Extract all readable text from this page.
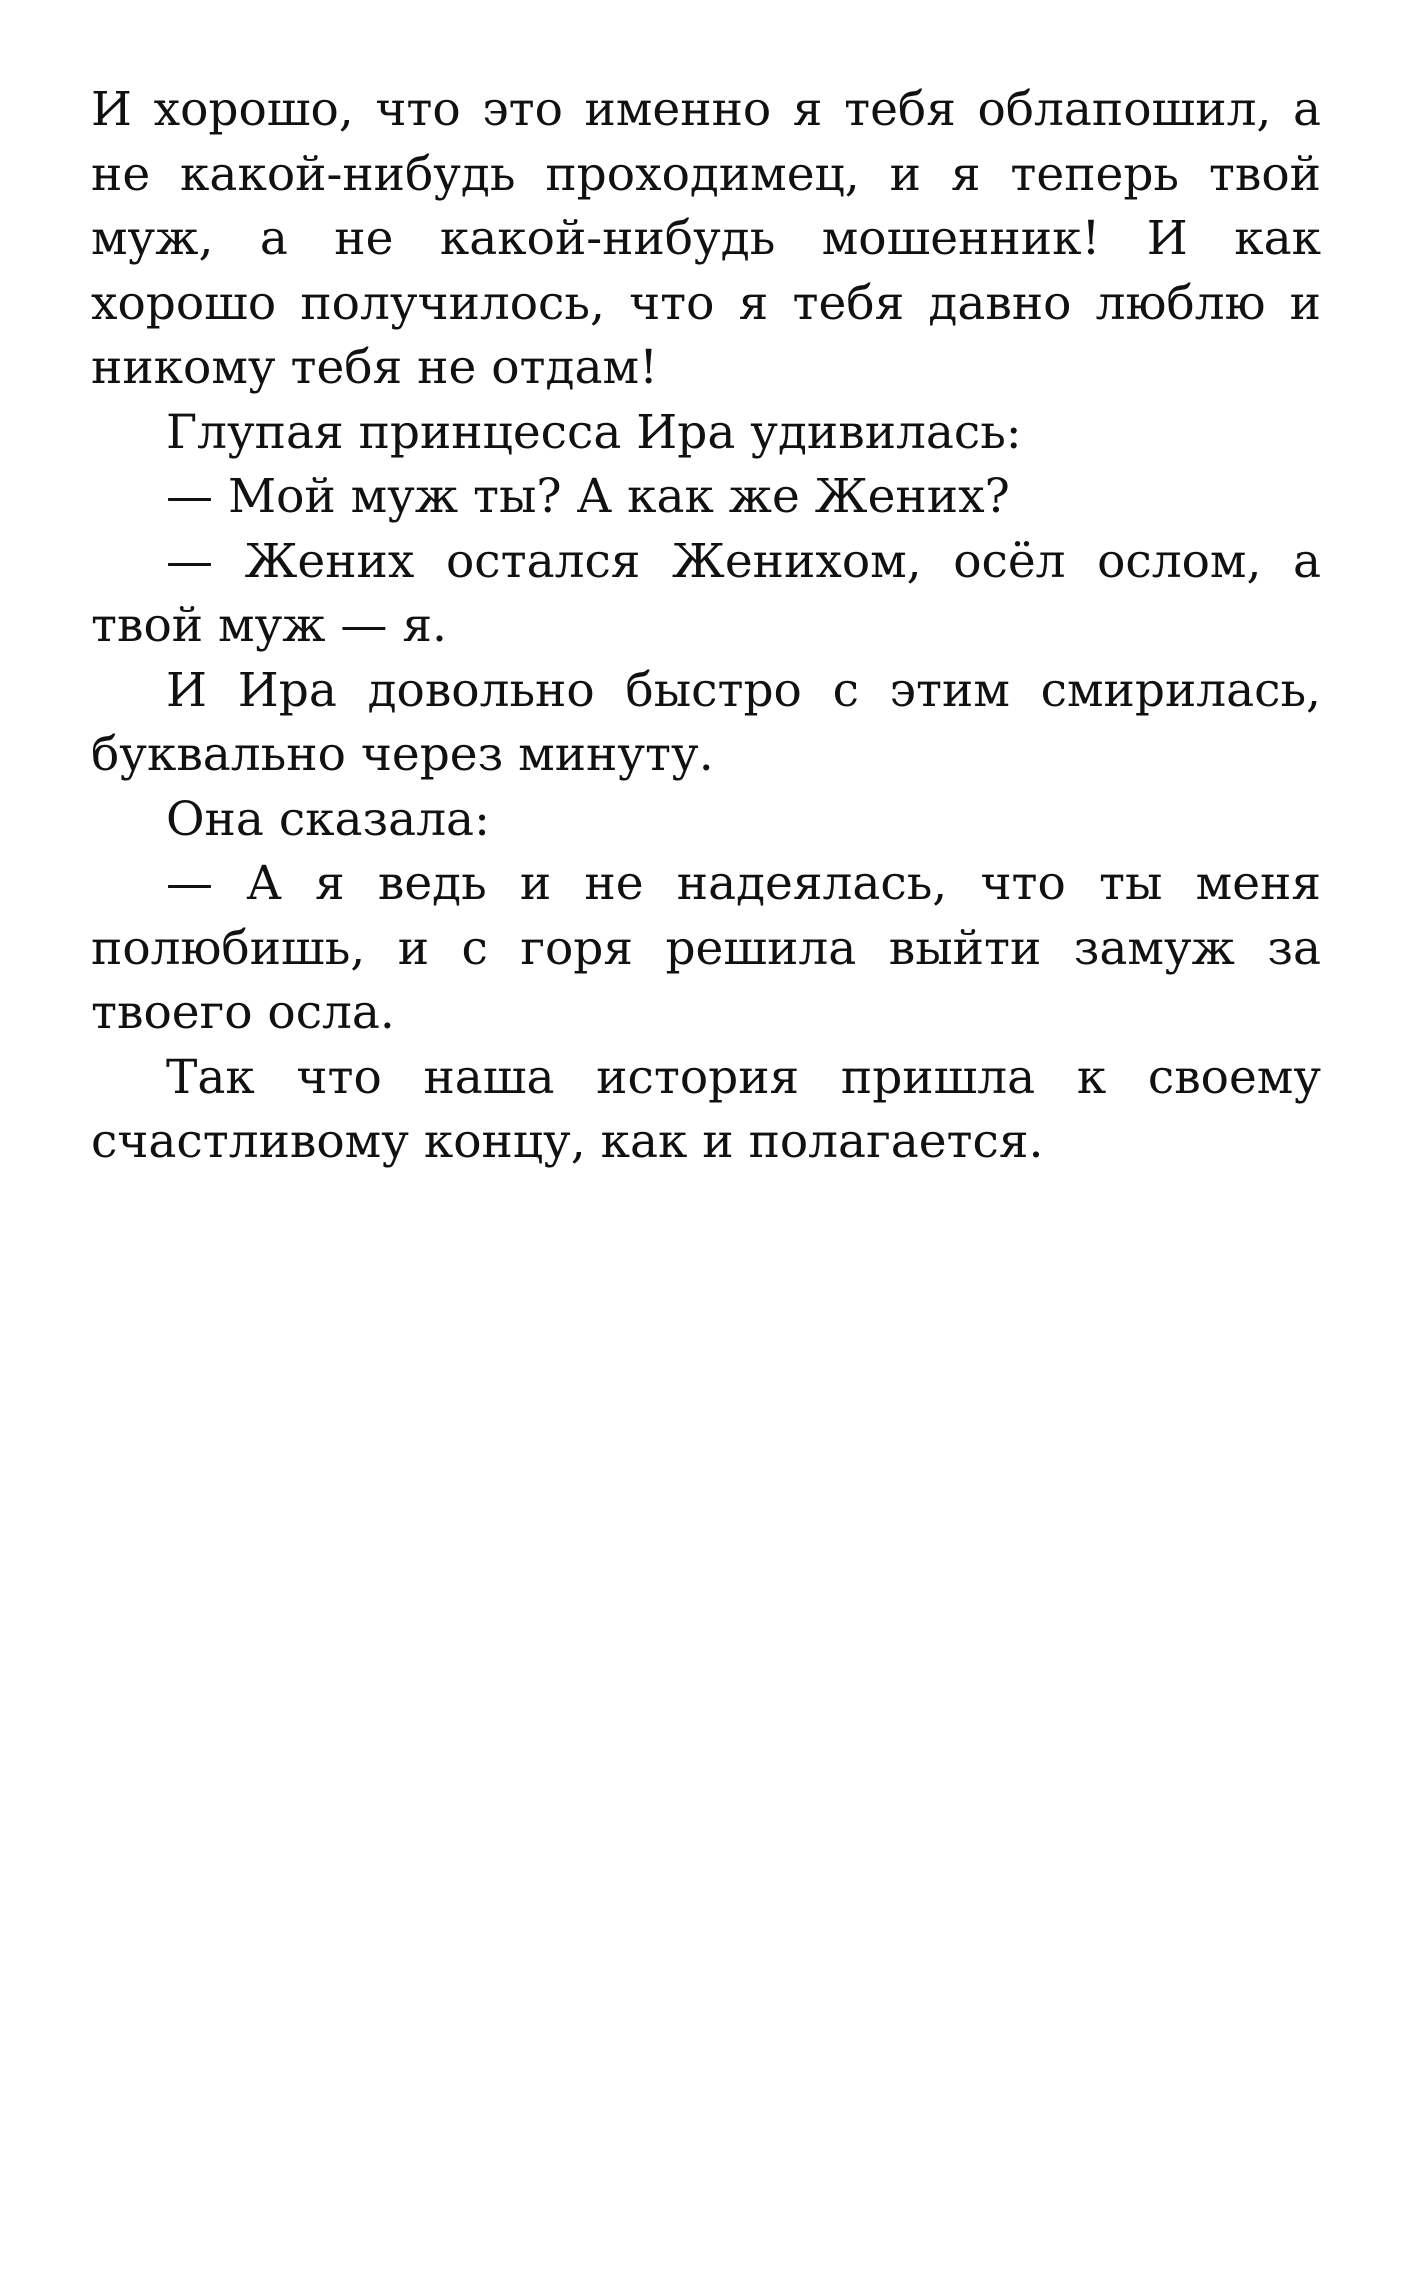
И хорошо, что это именно я тебя облапошил, а не какой-нибудь проходимец, и я теперь твой муж, а не какой-нибудь мошенник! И как хорошо получилось, что я тебя давно люблю и никому тебя не отдам!

Глупая принцесса Ира удивилась:

— Мой муж ты? А как же Жених?

— Жених остался Женихом, осёл ослом, а твой муж — я.

И Ира довольно быстро с этим смирилась, буквально через минуту.

Она сказала:

— А я ведь и не надеялась, что ты меня полюбишь, и с горя решила выйти замуж за твоего осла.

Так что наша история пришла к своему счастливому концу, как и полагается.
